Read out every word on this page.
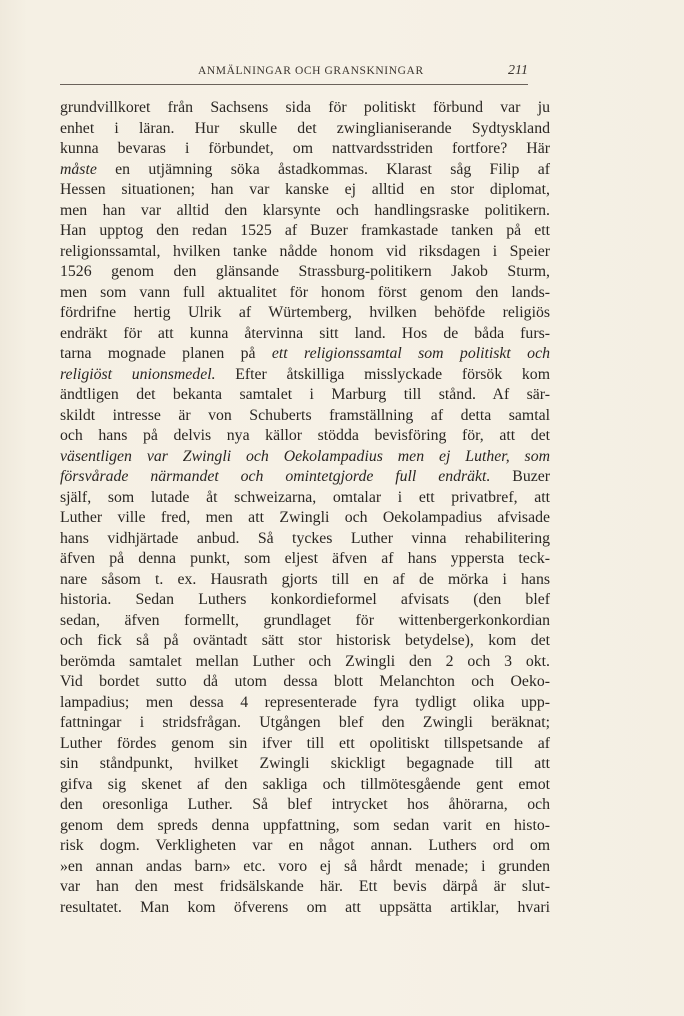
ANMÄLNINGAR OCH GRANSKNINGAR	211
grundvillkoret från Sachsens sida för politiskt förbund var ju
enhet i läran. Hur skulle det zwinglianiserande Sydtyskland
kunna bevaras i förbundet, om nattvardsstriden fortfore? Här
måste en utjämning söka åstadkommas. Klarast såg Filip af
Hessen situationen; han var kanske ej alltid en stor diplomat,
men han var alltid den klarsynte och handlingsraske politikern.
Han upptog den redan 1525 af Buzer framkastade tanken på ett
religionssamtal, hvilken tanke nådde honom vid riksdagen i Speier
1526 genom den glänsande Strassburg-politikern Jakob Sturm,
men som vann full aktualitet för honom först genom den lands-
fördrifne hertig Ulrik af Würtemberg, hvilken behöfde religiös
endräkt för att kunna återvinna sitt land. Hos de båda furs-
tarna mognade planen på ett religionssamtal som politiskt och
religiöst unionsmedel. Efter åtskilliga misslyckade försök kom
ändtligen det bekanta samtalet i Marburg till stånd. Af sär-
skildt intresse är von Schuberts framställning af detta samtal
och hans på delvis nya källor stödda bevisföring för, att det
väsentligen var Zwingli och Oekolampadius men ej Luther, som
försvårade närmandet och omintetgjorde full endräkt. Buzer
själf, som lutade åt schweizarna, omtalar i ett privatbref, att
Luther ville fred, men att Zwingli och Oekolampadius afvisade
hans vidhjärtade anbud. Så tyckes Luther vinna rehabilitering
äfven på denna punkt, som eljest äfven af hans yppersta teck-
nare såsom t. ex. Hausrath gjorts till en af de mörka i hans
historia. Sedan Luthers konkordieformel afvisats (den blef
sedan, äfven formellt, grundlaget för wittenbergerkonkordian
och fick så på oväntadt sätt stor historisk betydelse), kom det
berömda samtalet mellan Luther och Zwingli den 2 och 3 okt.
Vid bordet sutto då utom dessa blott Melanchton och Oeko-
lampadius; men dessa 4 representerade fyra tydligt olika upp-
fattningar i stridsfrågan. Utgången blef den Zwingli beräknat;
Luther fördes genom sin ifver till ett opolitiskt tillspetsande af
sin ståndpunkt, hvilket Zwingli skickligt begagnade till att
gifva sig skenet af den sakliga och tillmötesgående gent emot
den oresonliga Luther. Så blef intrycket hos åhörarna, och
genom dem spreds denna uppfattning, som sedan varit en histo-
risk dogm. Verkligheten var en något annan. Luthers ord om
»en annan andas barn» etc. voro ej så hårdt menade; i grunden
var han den mest fridsälskande här. Ett bevis därpå är slut-
resultatet. Man kom öfverens om att uppsätta artiklar, hvari
